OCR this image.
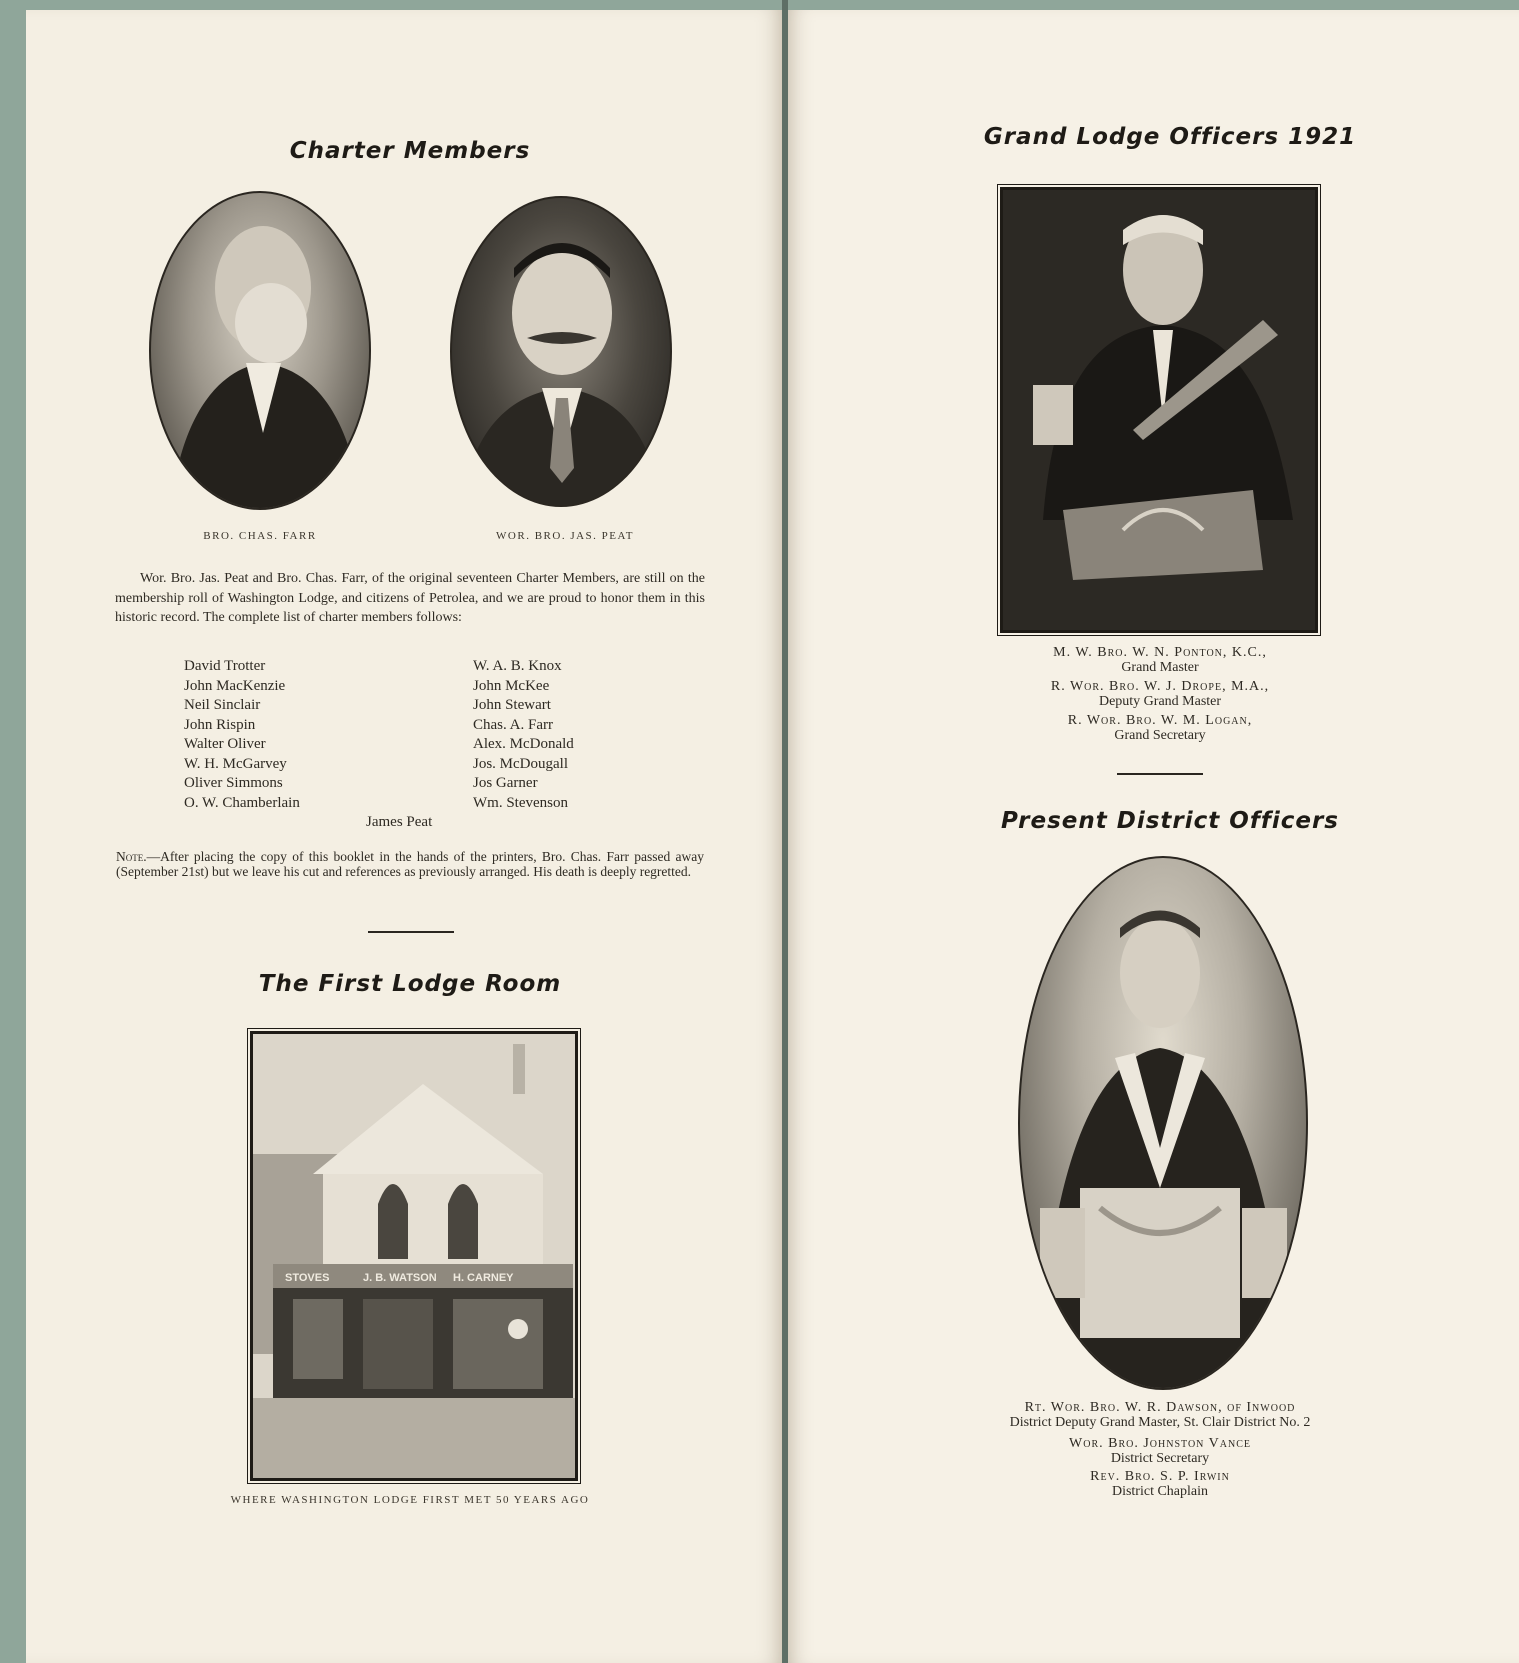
Charter Members
BRO. CHAS. FARR	WOR. BRO. JAS. PEAT
Wor. Bro. Jas. Peat and Bro. Chas. Farr, of the original seventeen Charter Members, are still on the membership roll of Washington Lodge, and citizens of Petrolea, and we are proud to honor them in this historic record. The complete list of charter members follows:
David Trotter
John MacKenzie
Neil Sinclair
John Rispin
Walter Oliver
W. H. McGarvey
Oliver Simmons
O. W. Chamberlain
W. A. B. Knox
John McKee
John Stewart
Chas. A. Farr
Alex. McDonald
Jos. McDougall
Jos Garner
Wm. Stevenson
James Peat
Note.—After placing the copy of this booklet in the hands of the printers, Bro. Chas. Farr passed away (September 21st) but we leave his cut and references as previously arranged. His death is deeply regretted.
The First Lodge Room
STOVES	J. B. WATSON H. CARNEY
WHERE WASHINGTON LODGE FIRST MET 50 YEARS AGO
Grand Lodge Officers 1921
M. W. Bro. W. N. Ponton, K.C.,
Grand Master
R. Wor. Bro. W. J. Drope, M.A.,
Deputy Grand Master
R. Wor. Bro. W. M. Logan,
Grand Secretary
Present District Officers
Rt. Wor. Bro. W. R. Dawson, of Inwood
District Deputy Grand Master, St. Clair District No. 2
Wor. Bro. Johnston Vance
District Secretary
Rev. Bro. S. P. Irwin
District Chaplain
